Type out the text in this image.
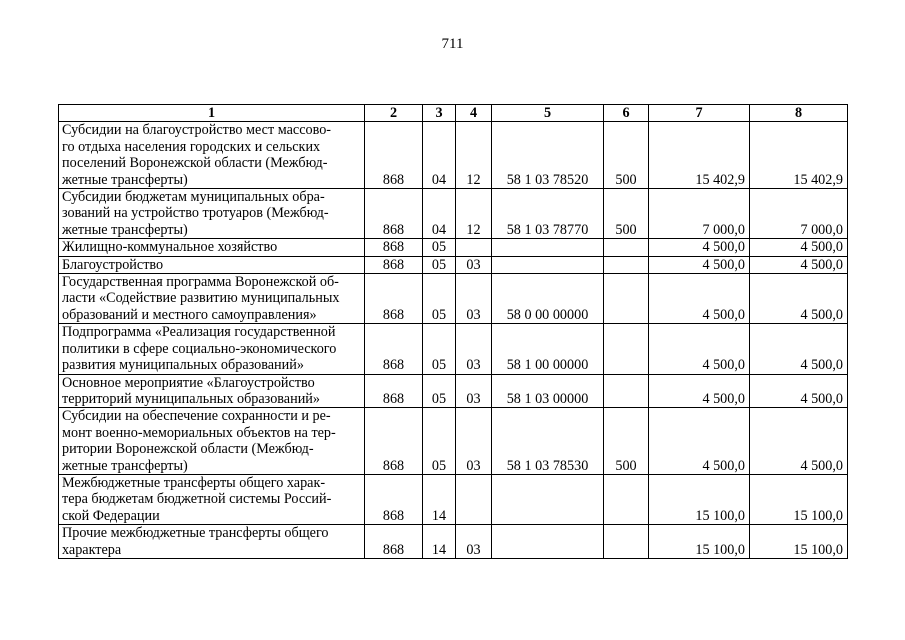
711
1	2	3	4	5	6	7	8

Субсидии на благоустройство мест массово-
го отдыха населения городских и сельских
поселений Воронежской области (Межбюд-
жетные трансферты)	868	04	12	58 1 03 78520	500	15 402,9	15 402,9

Субсидии бюджетам муниципальных обра-
зований на устройство тротуаров (Межбюд-
жетные трансферты)	868	04	12	58 1 03 78770	500	7 000,0	7 000,0

Жилищно-коммунальное хозяйство	868	05				4 500,0	4 500,0

Благоустройство	868	05	03			4 500,0	4 500,0

Государственная программа Воронежской об-
ласти «Содействие развитию муниципальных
образований и местного самоуправления»	868	05	03	58 0 00 00000		4 500,0	4 500,0

Подпрограмма «Реализация государственной
политики в сфере социально-экономического
развития муниципальных образований»	868	05	03	58 1 00 00000		4 500,0	4 500,0

Основное мероприятие «Благоустройство
территорий муниципальных образований»	868	05	03	58 1 03 00000		4 500,0	4 500,0

Субсидии на обеспечение сохранности и ре-
монт военно-мемориальных объектов на тер-
ритории Воронежской области (Межбюд-
жетные трансферты)	868	05	03	58 1 03 78530	500	4 500,0	4 500,0

Межбюджетные трансферты общего харак-
тера бюджетам бюджетной системы Россий-
ской Федерации	868	14				15 100,0	15 100,0

Прочие межбюджетные трансферты общего
характера	868	14	03			15 100,0	15 100,0
